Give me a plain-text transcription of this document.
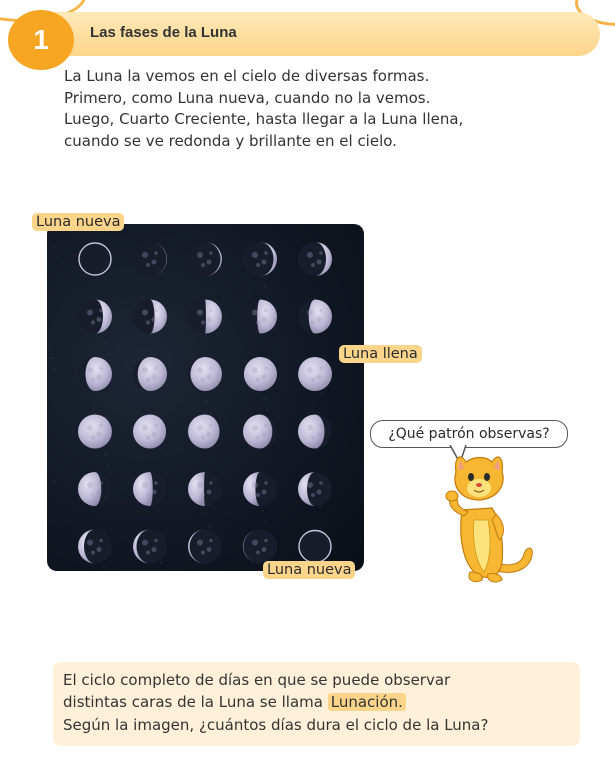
1	Las fases de la Luna
La Luna la vemos en el cielo de diversas formas.
Primero, como Luna nueva, cuando no la vemos.
Luego, Cuarto Creciente, hasta llegar a la Luna llena,
cuando se ve redonda y brillante en el cielo.
Luna nueva
Luna llena
Luna nueva
¿Qué patrón observas?
El ciclo completo de días en que se puede observar
distintas caras de la Luna se llama Lunación.
Según la imagen, ¿cuántos días dura el ciclo de la Luna?
